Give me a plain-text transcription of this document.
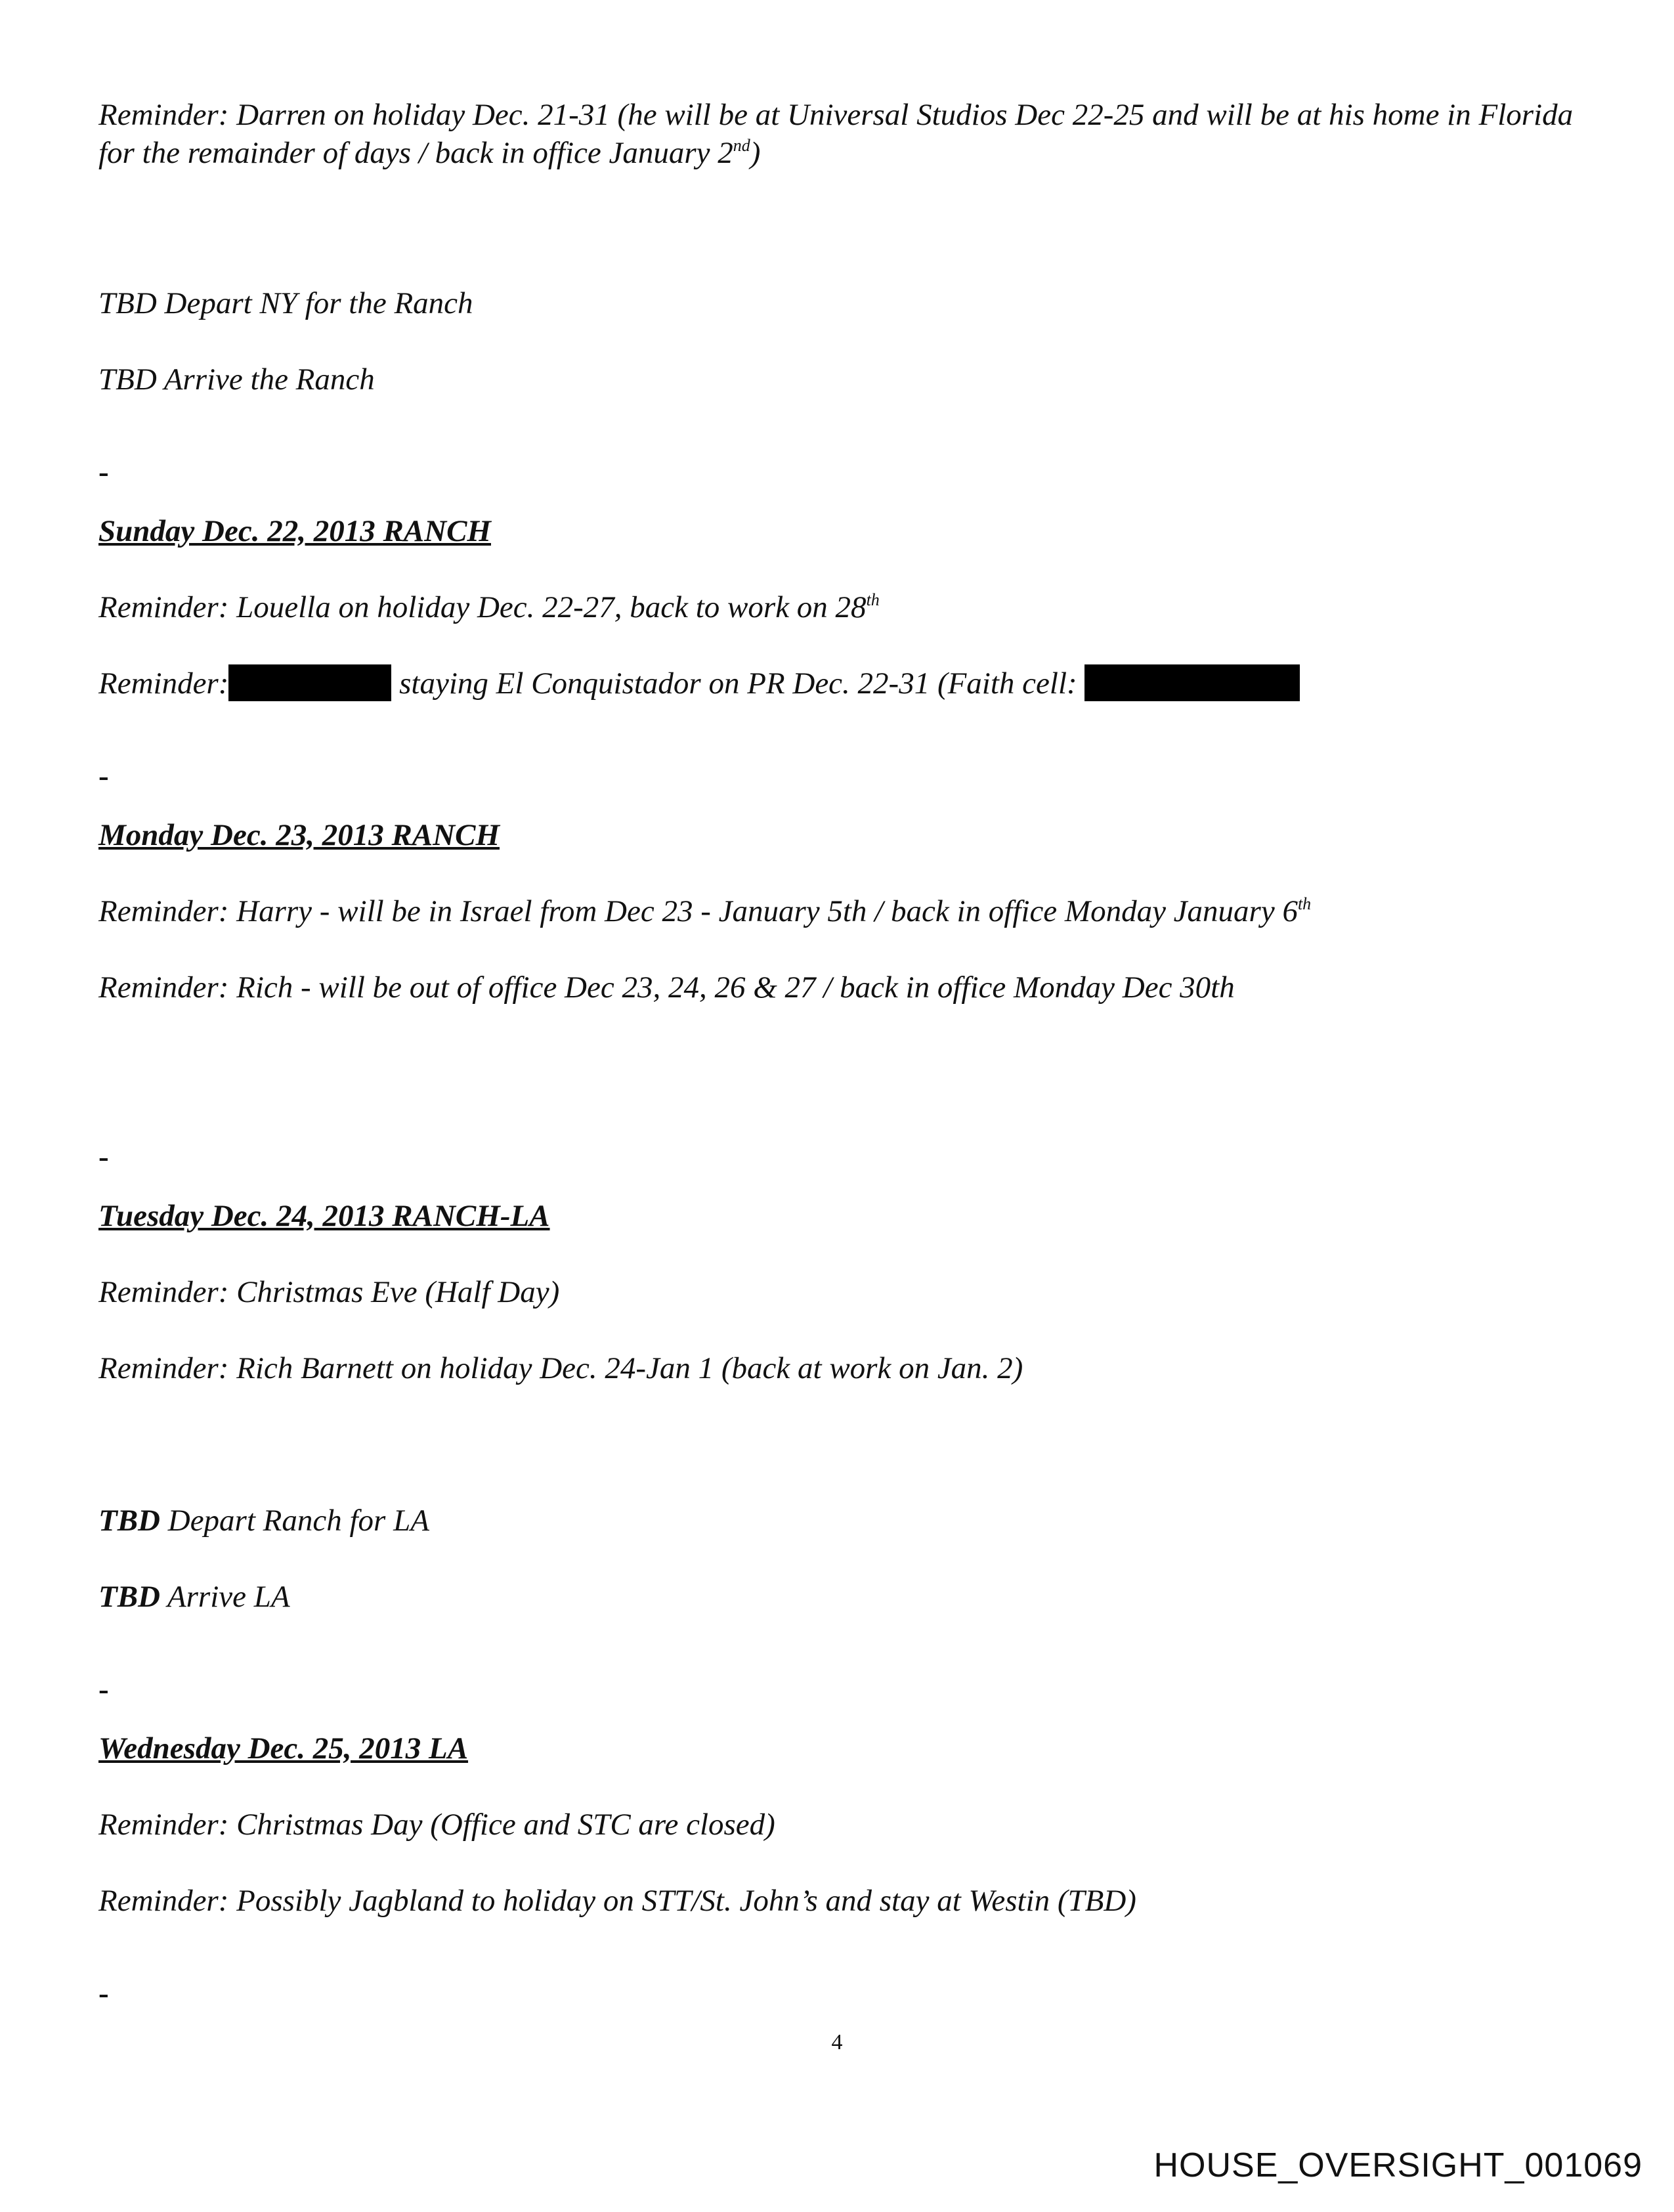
Reminder: Darren on holiday Dec. 21-31 (he will be at Universal Studios Dec 22-25 and will be at his home in Florida for the remainder of days / back in office January 2nd)
TBD Depart NY for the Ranch
TBD Arrive the Ranch
-
Sunday Dec. 22, 2013 RANCH
Reminder: Louella on holiday Dec. 22-27, back to work on 28th
Reminder:	staying El Conquistador on PR Dec. 22-31 (Faith cell:
-
Monday Dec. 23, 2013 RANCH
Reminder: Harry - will be in Israel from Dec 23 - January 5th / back in office Monday January 6th
Reminder: Rich - will be out of office Dec 23, 24, 26 & 27 / back in office Monday Dec 30th
-
Tuesday Dec. 24, 2013 RANCH-LA
Reminder: Christmas Eve (Half Day)
Reminder: Rich Barnett on holiday Dec. 24-Jan 1 (back at work on Jan. 2)
TBD Depart Ranch for LA
TBD Arrive LA
-
Wednesday Dec. 25, 2013 LA
Reminder: Christmas Day (Office and STC are closed)
Reminder: Possibly Jagbland to holiday on STT/St. John’s and stay at Westin (TBD)
-
4
HOUSE_OVERSIGHT_001069
